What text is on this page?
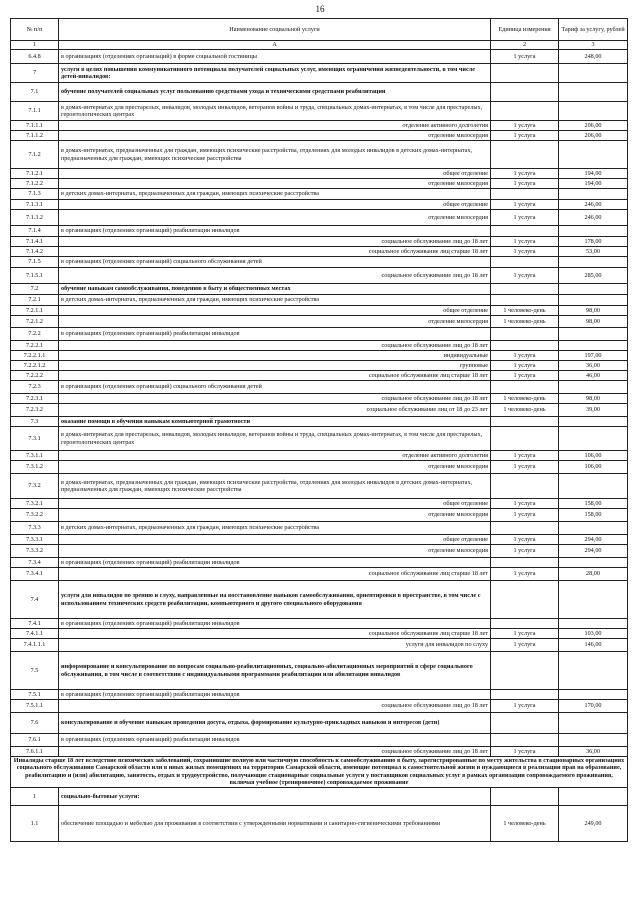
16
№ п/п	Наименование социальной услуги	Единица измерения	Тариф за услугу, рублей
1	А	2	3
6.4.8	в организациях (отделениях организаций) в форме социальной гостиницы	1 услуга	248,00
7	услуги в целях повышения коммуникативного потенциала получателей социальных услуг, имеющих ограничения жизнедеятельности, в том числе детей-инвалидов:		
7.1	обучение получателей социальных услуг пользованию средствами ухода и техническими средствами реабилитации		
7.1.1	в домах-интернатах для престарелых, инвалидов, молодых инвалидов, ветеранов войны и труда, специальных домах-интернатах, в том числе для престарелых, геронтологических центрах		
7.1.1.1	отделение активного долголетия	1 услуга	206,00
7.1.1.2	отделение милосердия	1 услуга	206,00
7.1.2	в домах-интернатах, предназначенных для граждан, имеющих психические расстройства, отделениях для молодых инвалидов в детских домах-интернатах, предназначенных для граждан, имеющих психические расстройства		
7.1.2.1	общее отделение	1 услуга	194,00
7.1.2.2	отделение милосердия	1 услуга	194,00
7.1.3	в детских домах-интернатах, предназначенных для граждан, имеющих психические расстройства		
7.1.3.1	общее отделение	1 услуга	246,00
7.1.3.2	отделение милосердия	1 услуга	246,00
7.1.4	в организациях (отделениях организаций) реабилитации инвалидов		
7.1.4.1	социальное обслуживание лиц до 18 лет	1 услуга	178,00
7.1.4.2	социальное обслуживание лиц старше 18 лет	1 услуга	53,00
7.1.5	в организациях (отделениях организаций) социального обслуживания детей		
7.1.5.1	социальное обслуживание лиц до 18 лет	1 услуга	285,00
7.2	обучение навыкам самообслуживания, поведению в быту и общественных местах		
7.2.1	в детских домах-интернатах, предназначенных для граждан, имеющих психические расстройства		
7.2.1.1	общее отделение	1 человеко-день	98,00
7.2.1.2	отделение милосердия	1 человеко-день	98,00
7.2.2	в организациях (отделениях организаций) реабилитации инвалидов		
7.2.2.1	социальное обслуживание лиц до 18 лет		
7.2.2.1.1	индивидуальные	1 услуга	197,00
7.2.2.1.2	групповые	1 услуга	36,00
7.2.2.2	социальное обслуживание лиц старше 18 лет	1 услуга	46,00
7.2.3	в организациях (отделениях организаций) социального обслуживания детей		
7.2.3.1	социальное обслуживание лиц до 18 лет	1 человеко-день	98,00
7.2.3.2	социальное обслуживание лиц от 18 до 23 лет	1 человеко-день	39,00
7.3	оказание помощи в обучении навыкам компьютерной грамотности		
7.3.1	в домах-интернатах для престарелых, инвалидов, молодых инвалидов, ветеранов войны и труда, специальных домах-интернатах, в том числе для престарелых, геронтологических центрах		
7.3.1.1	отделение активного долголетия	1 услуга	106,00
7.3.1.2	отделение милосердия	1 услуга	106,00
7.3.2	в домах-интернатах, предназначенных для граждан, имеющих психические расстройства, отделениях для молодых инвалидов в детских домах-интернатах, предназначенных для граждан, имеющих психические расстройства		
7.3.2.1	общее отделение	1 услуга	158,00
7.3.2.2	отделение милосердия	1 услуга	158,00
7.3.3	в детских домах-интернатах, предназначенных для граждан, имеющих психические расстройства		
7.3.3.1	общее отделение	1 услуга	294,00
7.3.3.2	отделение милосердия	1 услуга	294,00
7.3.4	в организациях (отделениях организаций) реабилитации инвалидов		
7.3.4.1	социальное обслуживание лиц старше 18 лет	1 услуга	28,00
7.4	услуги для инвалидов по зрению и слуху, направленные на восстановление навыков самообслуживания, ориентировки в пространстве, в том числе с использованием технических средств реабилитации, компьютерного и другого специального оборудования		
7.4.1	в организациях (отделениях организаций) реабилитации инвалидов		
7.4.1.1	социальное обслуживание лиц старше 18 лет	1 услуга	103,00
7.4.1.1.1	услуги для инвалидов по слуху	1 услуга	146,00
7.5	информирование и консультирование по вопросам социально-реабилитационных, социально-абилитационных мероприятий в сфере социального обслуживания, в том числе в соответствии с индивидуальными программами реабилитации или абилитации инвалидов		
7.5.1	в организациях (отделениях организаций) реабилитации инвалидов		
7.5.1.1	социальное обслуживание лиц до 18 лет	1 услуга	170,00
7.6	консультирование и обучение навыкам проведения досуга, отдыха, формирование культурно-прикладных навыков и интересов (дети)		
7.6.1	в организациях (отделениях организаций) реабилитации инвалидов		
7.6.1.1	социальное обслуживание лиц до 18 лет	1 услуга	36,00
Инвалиды старше 18 лет вследствие психических заболеваний, сохранившие полную или частичную способность к самообслуживанию в быту, зарегистрированные по месту жительства в стационарных организациях социального обслуживания Самарской области или в иных жилых помещениях на территории Самарской области, имеющие потенциал к самостоятельной жизни и нуждающиеся в реализации прав на образование, реабилитацию и (или) абилитацию, занятость, отдых и трудоустройство, получающие стационарные социальные услуги у поставщиков социальных услуг в рамках организации сопровождаемого проживания, включая учебное (тренировочное) сопровождаемое проживание			
1	социально-бытовые услуги:		
1.1	обеспечение площадью и мебелью для проживания в соответствии с утвержденными нормативами и санитарно-гигиеническими требованиями	1 человеко-день	249,00
